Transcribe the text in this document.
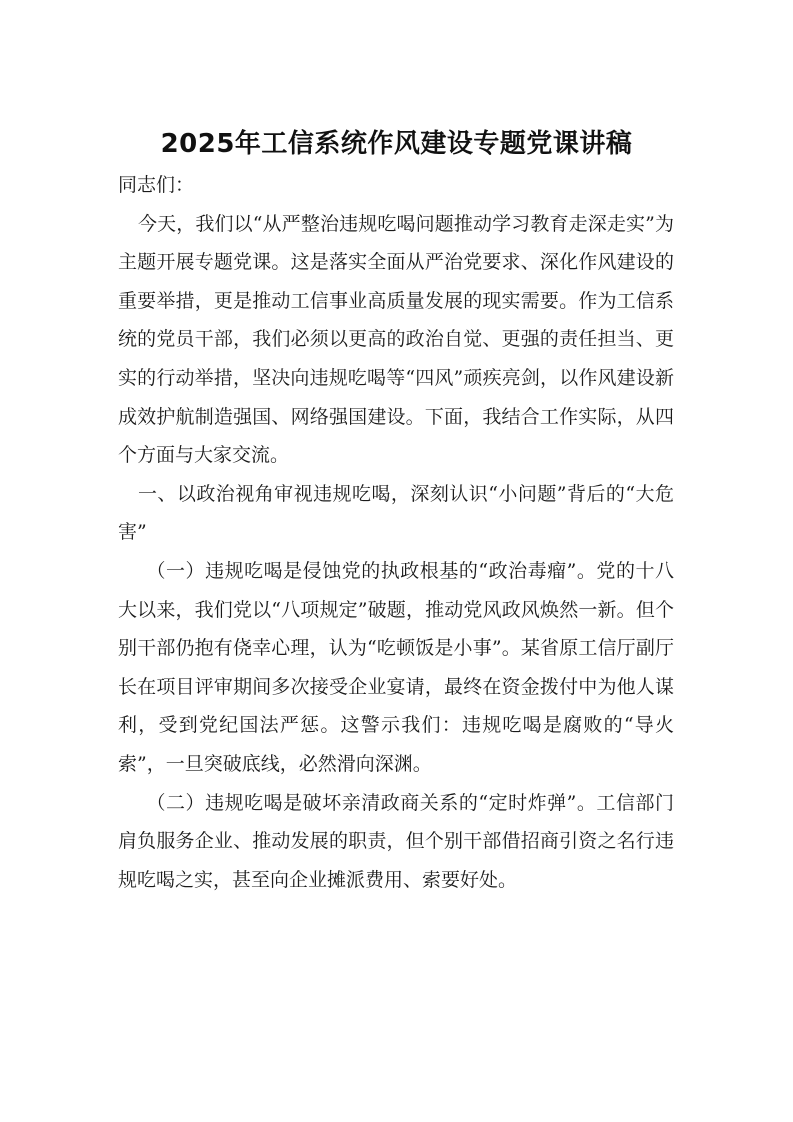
2025年工信系统作风建设专题党课讲稿

同志们：

今天，我们以“从严整治违规吃喝问题推动学习教育走深走实”为主题开展专题党课。这是落实全面从严治党要求、深化作风建设的重要举措，更是推动工信事业高质量发展的现实需要。作为工信系统的党员干部，我们必须以更高的政治自觉、更强的责任担当、更实的行动举措，坚决向违规吃喝等“四风”顽疾亮剑，以作风建设新成效护航制造强国、网络强国建设。下面，我结合工作实际，从四个方面与大家交流。

一、以政治视角审视违规吃喝，深刻认识“小问题”背后的“大危害”

（一）违规吃喝是侵蚀党的执政根基的“政治毒瘤”。党的十八大以来，我们党以“八项规定”破题，推动党风政风焕然一新。但个别干部仍抱有侥幸心理，认为“吃顿饭是小事”。某省原工信厅副厅长在项目评审期间多次接受企业宴请，最终在资金拨付中为他人谋利，受到党纪国法严惩。这警示我们：违规吃喝是腐败的“导火索”，一旦突破底线，必然滑向深渊。

（二）违规吃喝是破坏亲清政商关系的“定时炸弹”。工信部门肩负服务企业、推动发展的职责，但个别干部借招商引资之名行违规吃喝之实，甚至向企业摊派费用、索要好处。
